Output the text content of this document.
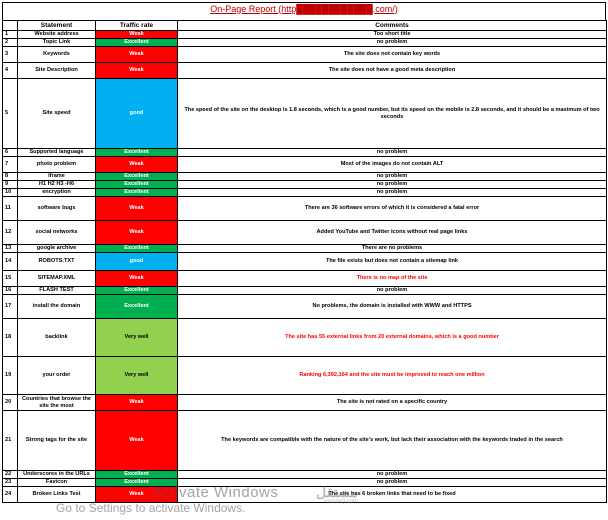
On-Page Report (http████████████.com/)
	Statement	Traffic rate	Comments
1	Website address	Weak	Too short title
2	Topic Link	Excellent	no problem
3	Keywords	Weak	The site does not contain key words
4	Site Description	Weak	The site does not have a good meta description
5	Site speed	good	The speed of the site on the desktop is 1.8 seconds, which is a good number, but its speed on the mobile is 2.8 seconds, and it should be a maximum of two seconds
6	Supported language	Excellent	no problem
7	photo problem	Weak	Most of the images do not contain ALT
8	iframe	Excellent	no problem
9	H1 H2 H3 -H6	Excellent	no problem
10	encryption	Excellent	no problem
11	software bugs	Weak	There are 36 software errors of which it is considered a fatal error
12	social networks	Weak	Added YouTube and Twitter icons without real page links
13	google archive	Excellent	There are no problems
14	ROBOTS.TXT	good	The file exists but does not contain a sitemap link
15	SITEMAP.XML	Weak	There is no map of the site
16	FLASH TEST	Excellent	no problem
17	install the domain	Excellent	No problems, the domain is installed with WWW and HTTPS
18	backlink	Very well	The site has 55 external links from 20 external domains, which is a good number
19	your order	Very well	Ranking 6,392,164 and the site must be improved to reach one million
20	Countries that browse the site the most	Weak	The site is not rated on a specific country
21	Strong tags for the site	Weak	The keywords are compatible with the nature of the site's work, but lack their association with the keywords traded in the search
22	Underscores in the URLs	Excellent	no problem
23	Favicon	Excellent	no problem
24	Broken Links Test	Weak	The site has 6 broken links that need to be fixed
Activate Windows
Go to Settings to activate Windows.
مستقل
mostaql.com
